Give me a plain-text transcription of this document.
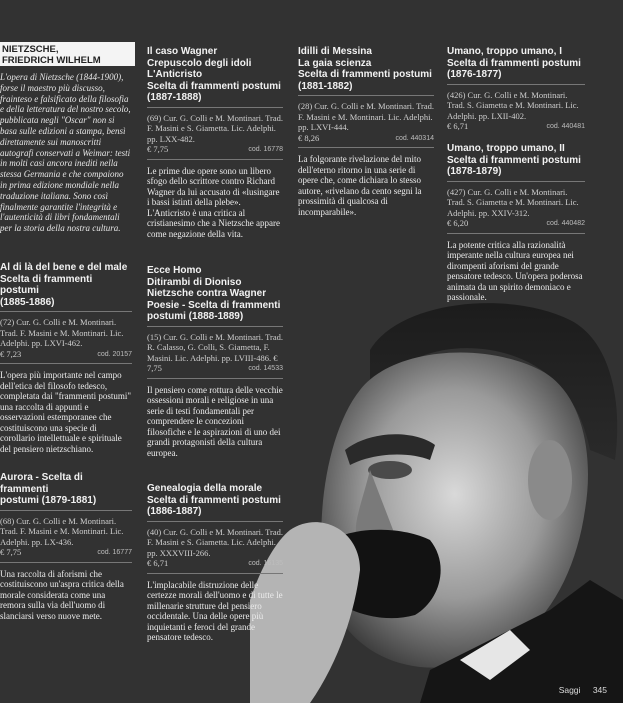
NIETZSCHE,
FRIEDRICH WILHELM

L'opera di Nietzsche (1844-1900), forse il maestro più discusso, frainteso e falsificato della filosofia e della letteratura del nostro secolo, pubblicata negli "Oscar" non si basa sulle edizioni a stampa, bensì direttamente sui manoscritti autografi conservati a Weimar: testi in molti casi ancora inediti nella stessa Germania e che compaiono in prima edizione mondiale nella traduzione italiana. Sono così finalmente garantite l'integrità e l'autenticità di libri fondamentali per la storia della nostra cultura.

Al di là del bene e del male
Scelta di frammenti postumi
(1885-1886)

(72) Cur. G. Colli e M. Montinari. Trad. F. Masini e M. Montinari. Lic. Adelphi. pp. LXVI-462.
€ 7,23	cod. 20157

L'opera più importante nel campo dell'etica del filosofo tedesco, completata dai "frammenti postumi" una raccolta di appunti e osservazioni estemporanee che costituiscono una specie di corollario intellettuale e spirituale del pensiero nietzschiano.

Aurora - Scelta di frammenti
postumi (1879-1881)

(68) Cur. G. Colli e M. Montinari. Trad. F. Masini e M. Montinari. Lic. Adelphi. pp. LX-436.
€ 7,75	cod. 16777

Una raccolta di aforismi che costituiscono un'aspra critica della morale considerata come una remora sulla via dell'uomo di slanciarsi verso nuove mete.

Il caso Wagner
Crepuscolo degli idoli
L'Anticristo
Scelta di frammenti postumi
(1887-1888)

(69) Cur. G. Colli e M. Montinari. Trad. F. Masini e S. Giametta. Lic. Adelphi. pp. LXX-482.
€ 7,75	cod. 16778

Le prime due opere sono un libero sfogo dello scrittore contro Richard Wagner da lui accusato di «lusingare i bassi istinti della plebe». L'Anticristo è una critica al cristianesimo che a Nietzsche appare come negazione della vita.

Ecce Homo
Ditirambi di Dioniso
Nietzsche contra Wagner
Poesie - Scelta di frammenti
postumi (1888-1889)

(15) Cur. G. Colli e M. Montinari. Trad. R. Calasso, G. Colli, S. Giametta, F. Masini. Lic. Adelphi. pp. LVIII-486. € 7,75	cod. 14533

Il pensiero come rottura delle vecchie ossessioni morali e religiose in una serie di testi fondamentali per comprendere le concezioni filosofiche e le aspirazioni di uno dei grandi protagonisti della cultura europea.

Genealogia della morale
Scelta di frammenti postumi
(1886-1887)

(40) Cur. G. Colli e M. Montinari. Trad. F. Masini e S. Giametta. Lic. Adelphi. pp. XXXVIII-266.
€ 6,71	cod. 16135

L'implacabile distruzione delle certezze morali dell'uomo e di tutte le millenarie strutture del pensiero occidentale. Una delle opere più inquietanti e feroci del grande pensatore tedesco.

Idilli di Messina
La gaia scienza
Scelta di frammenti postumi
(1881-1882)

(28) Cur. G. Colli e M. Montinari. Trad. F. Masini e M. Montinari. Lic. Adelphi. pp. LXVI-444.
€ 8,26	cod. 440314

La folgorante rivelazione del mito dell'eterno ritorno in una serie di opere che, come dichiara lo stesso autore, «rivelano da cento segni la prossimità di qualcosa di incomparabile».

Umano, troppo umano, I
Scelta di frammenti postumi
(1876-1877)

(426) Cur. G. Colli e M. Montinari. Trad. S. Giametta e M. Montinari. Lic. Adelphi. pp. LXII-402.
€ 6,71	cod. 440481

Umano, troppo umano, II
Scelta di frammenti postumi
(1878-1879)

(427) Cur. G. Colli e M. Montinari. Trad. S. Giametta e M. Montinari. Lic. Adelphi. pp. XXIV-312.
€ 6,20	cod. 440482

La potente critica alla razionalità imperante nella cultura europea nei dirompenti aforismi del grande pensatore tedesco. Un'opera poderosa animata da un spirito demoniaco e passionale.

Saggi 345
